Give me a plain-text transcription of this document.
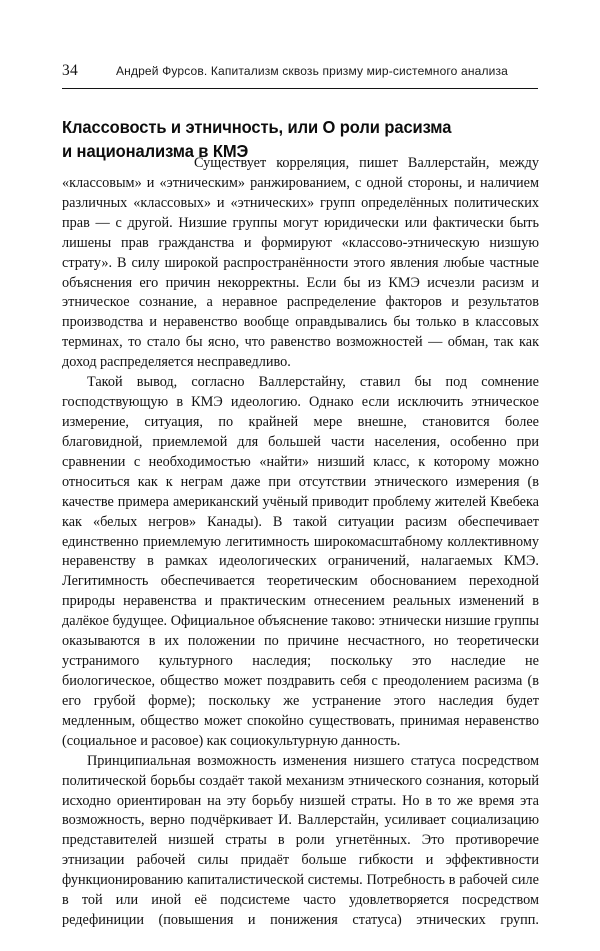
34	Андрей Фурсов. Капитализм сквозь призму мир-системного анализа
Классовость и этничность, или О роли расизма
и национализма в КМЭ

Существует корреляция, пишет Валлерстайн, между «классовым» и «этническим» ранжированием, с одной стороны, и наличием различных «классовых» и «этнических» групп определённых политических прав — с другой. Низшие группы могут юридически или фактически быть лишены прав гражданства и формируют «классово-этническую низшую страту». В силу широкой распространённости этого явления любые частные объяснения его причин некорректны. Если бы из КМЭ исчезли расизм и этническое сознание, а неравное распределение факторов и результатов производства и неравенство вообще оправдывались бы только в классовых терминах, то стало бы ясно, что равенство возможностей — обман, так как доход распределяется несправедливо.

Такой вывод, согласно Валлерстайну, ставил бы под сомнение господствующую в КМЭ идеологию. Однако если исключить этническое измерение, ситуация, по крайней мере внешне, становится более благовидной, приемлемой для большей части населения, особенно при сравнении с необходимостью «найти» низший класс, к которому можно относиться как к неграм даже при отсутствии этнического измерения (в качестве примера американский учёный приводит проблему жителей Квебека как «белых негров» Канады). В такой ситуации расизм обеспечивает единственно приемлемую легитимность широкомасштабному коллективному неравенству в рамках идеологических ограничений, налагаемых КМЭ. Легитимность обеспечивается теоретическим обоснованием переходной природы неравенства и практическим отнесением реальных изменений в далёкое будущее. Официальное объяснение таково: этнически низшие группы оказываются в их положении по причине несчастного, но теоретически устранимого культурного наследия; поскольку это наследие не биологическое, общество может поздравить себя с преодолением расизма (в его грубой форме); поскольку же устранение этого наследия будет медленным, общество может спокойно существовать, принимая неравенство (социальное и расовое) как социокультурную данность.

Принципиальная возможность изменения низшего статуса посредством политической борьбы создаёт такой механизм этнического сознания, который исходно ориентирован на эту борьбу низшей страты. Но в то же время эта возможность, верно подчёркивает И. Валлерстайн, усиливает социализацию представителей низшей страты в роли угнетённых. Это противоречие этнизации рабочей силы придаёт больше гибкости и эффективности функционированию капиталистической системы. Потребность в рабочей силе в той или иной её подсистеме часто удовлетворяется посредством редефиниции (повышения и понижения статуса) этнических групп.
